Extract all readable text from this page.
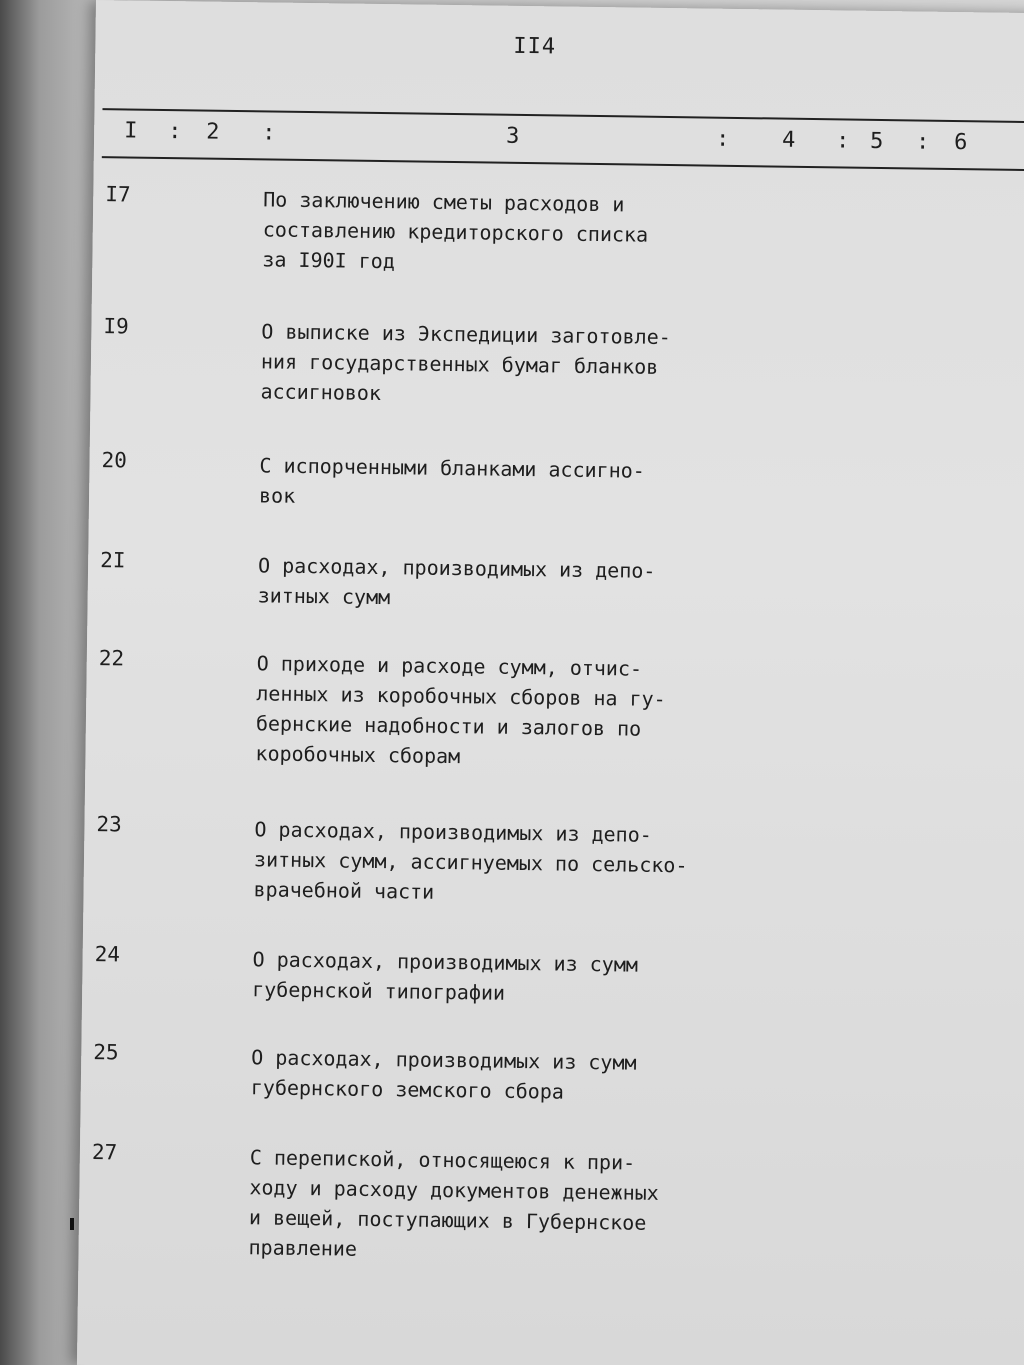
II4
I : 2 :	3	: 4 : 5 : 6
I7	По заключению сметы расходов и
составлению кредиторского списка
за I90I год
I9	О выписке из Экспедиции заготовле-
ния государственных бумаг бланков
ассигновок
20	С испорченными бланками ассигно-
вок
2I	О расходах, производимых из депо-
зитных сумм
22	О приходе и расходе сумм, отчис-
ленных из коробочных сборов на гу-
бернские надобности и залогов по
коробочных сборам
23	О расходах, производимых из депо-
зитных сумм, ассигнуемых по сельско-
врачебной части
24	О расходах, производимых из сумм
губернской типографии
25	О расходах, производимых из сумм
губернского земского сбора
27	С перепиской, относящеюся к при-
ходу и расходу документов денежных
и вещей, поступающих в Губернское
правление
